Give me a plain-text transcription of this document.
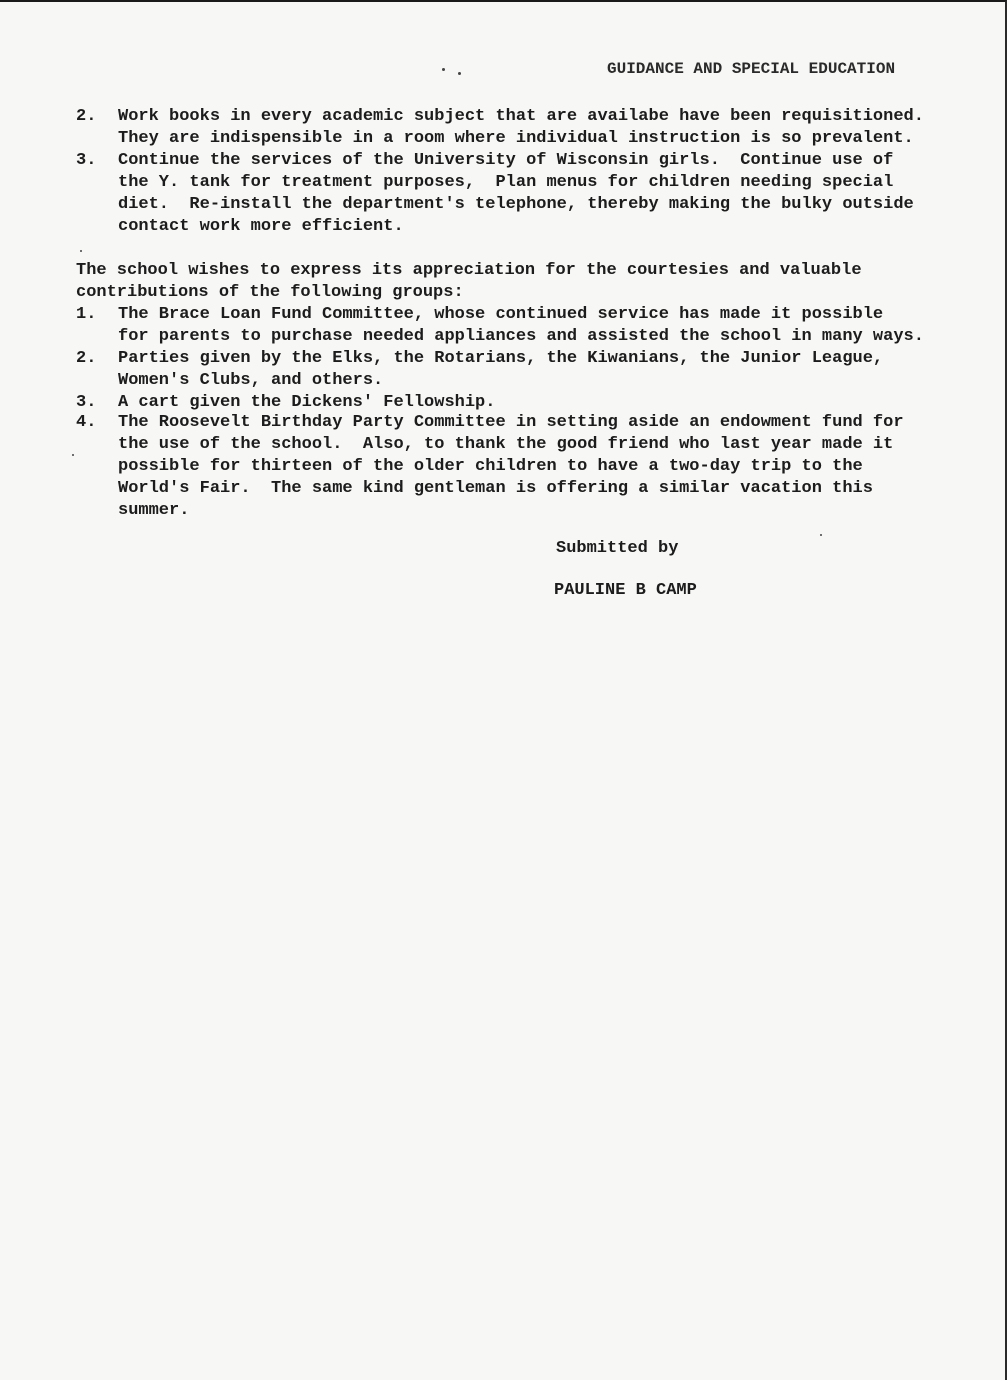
GUIDANCE AND SPECIAL EDUCATION
2. Work books in every academic subject that are availabe have been requisitioned.
They are indispensible in a room where individual instruction is so prevalent.
3. Continue the services of the University of Wisconsin girls.  Continue use of
the Y. tank for treatment purposes,  Plan menus for children needing special
diet.  Re-install the department's telephone, thereby making the bulky outside
contact work more efficient.
The school wishes to express its appreciation for the courtesies and valuable
contributions of the following groups:
1. The Brace Loan Fund Committee, whose continued service has made it possible
for parents to purchase needed appliances and assisted the school in many ways.
2. Parties given by the Elks, the Rotarians, the Kiwanians, the Junior League,
Women's Clubs, and others.
3. A cart given the Dickens' Fellowship.
4. The Roosevelt Birthday Party Committee in setting aside an endowment fund for
the use of the school.  Also, to thank the good friend who last year made it
possible for thirteen of the older children to have a two-day trip to the
World's Fair.  The same kind gentleman is offering a similar vacation this
summer.
Submitted by
PAULINE B CAMP
